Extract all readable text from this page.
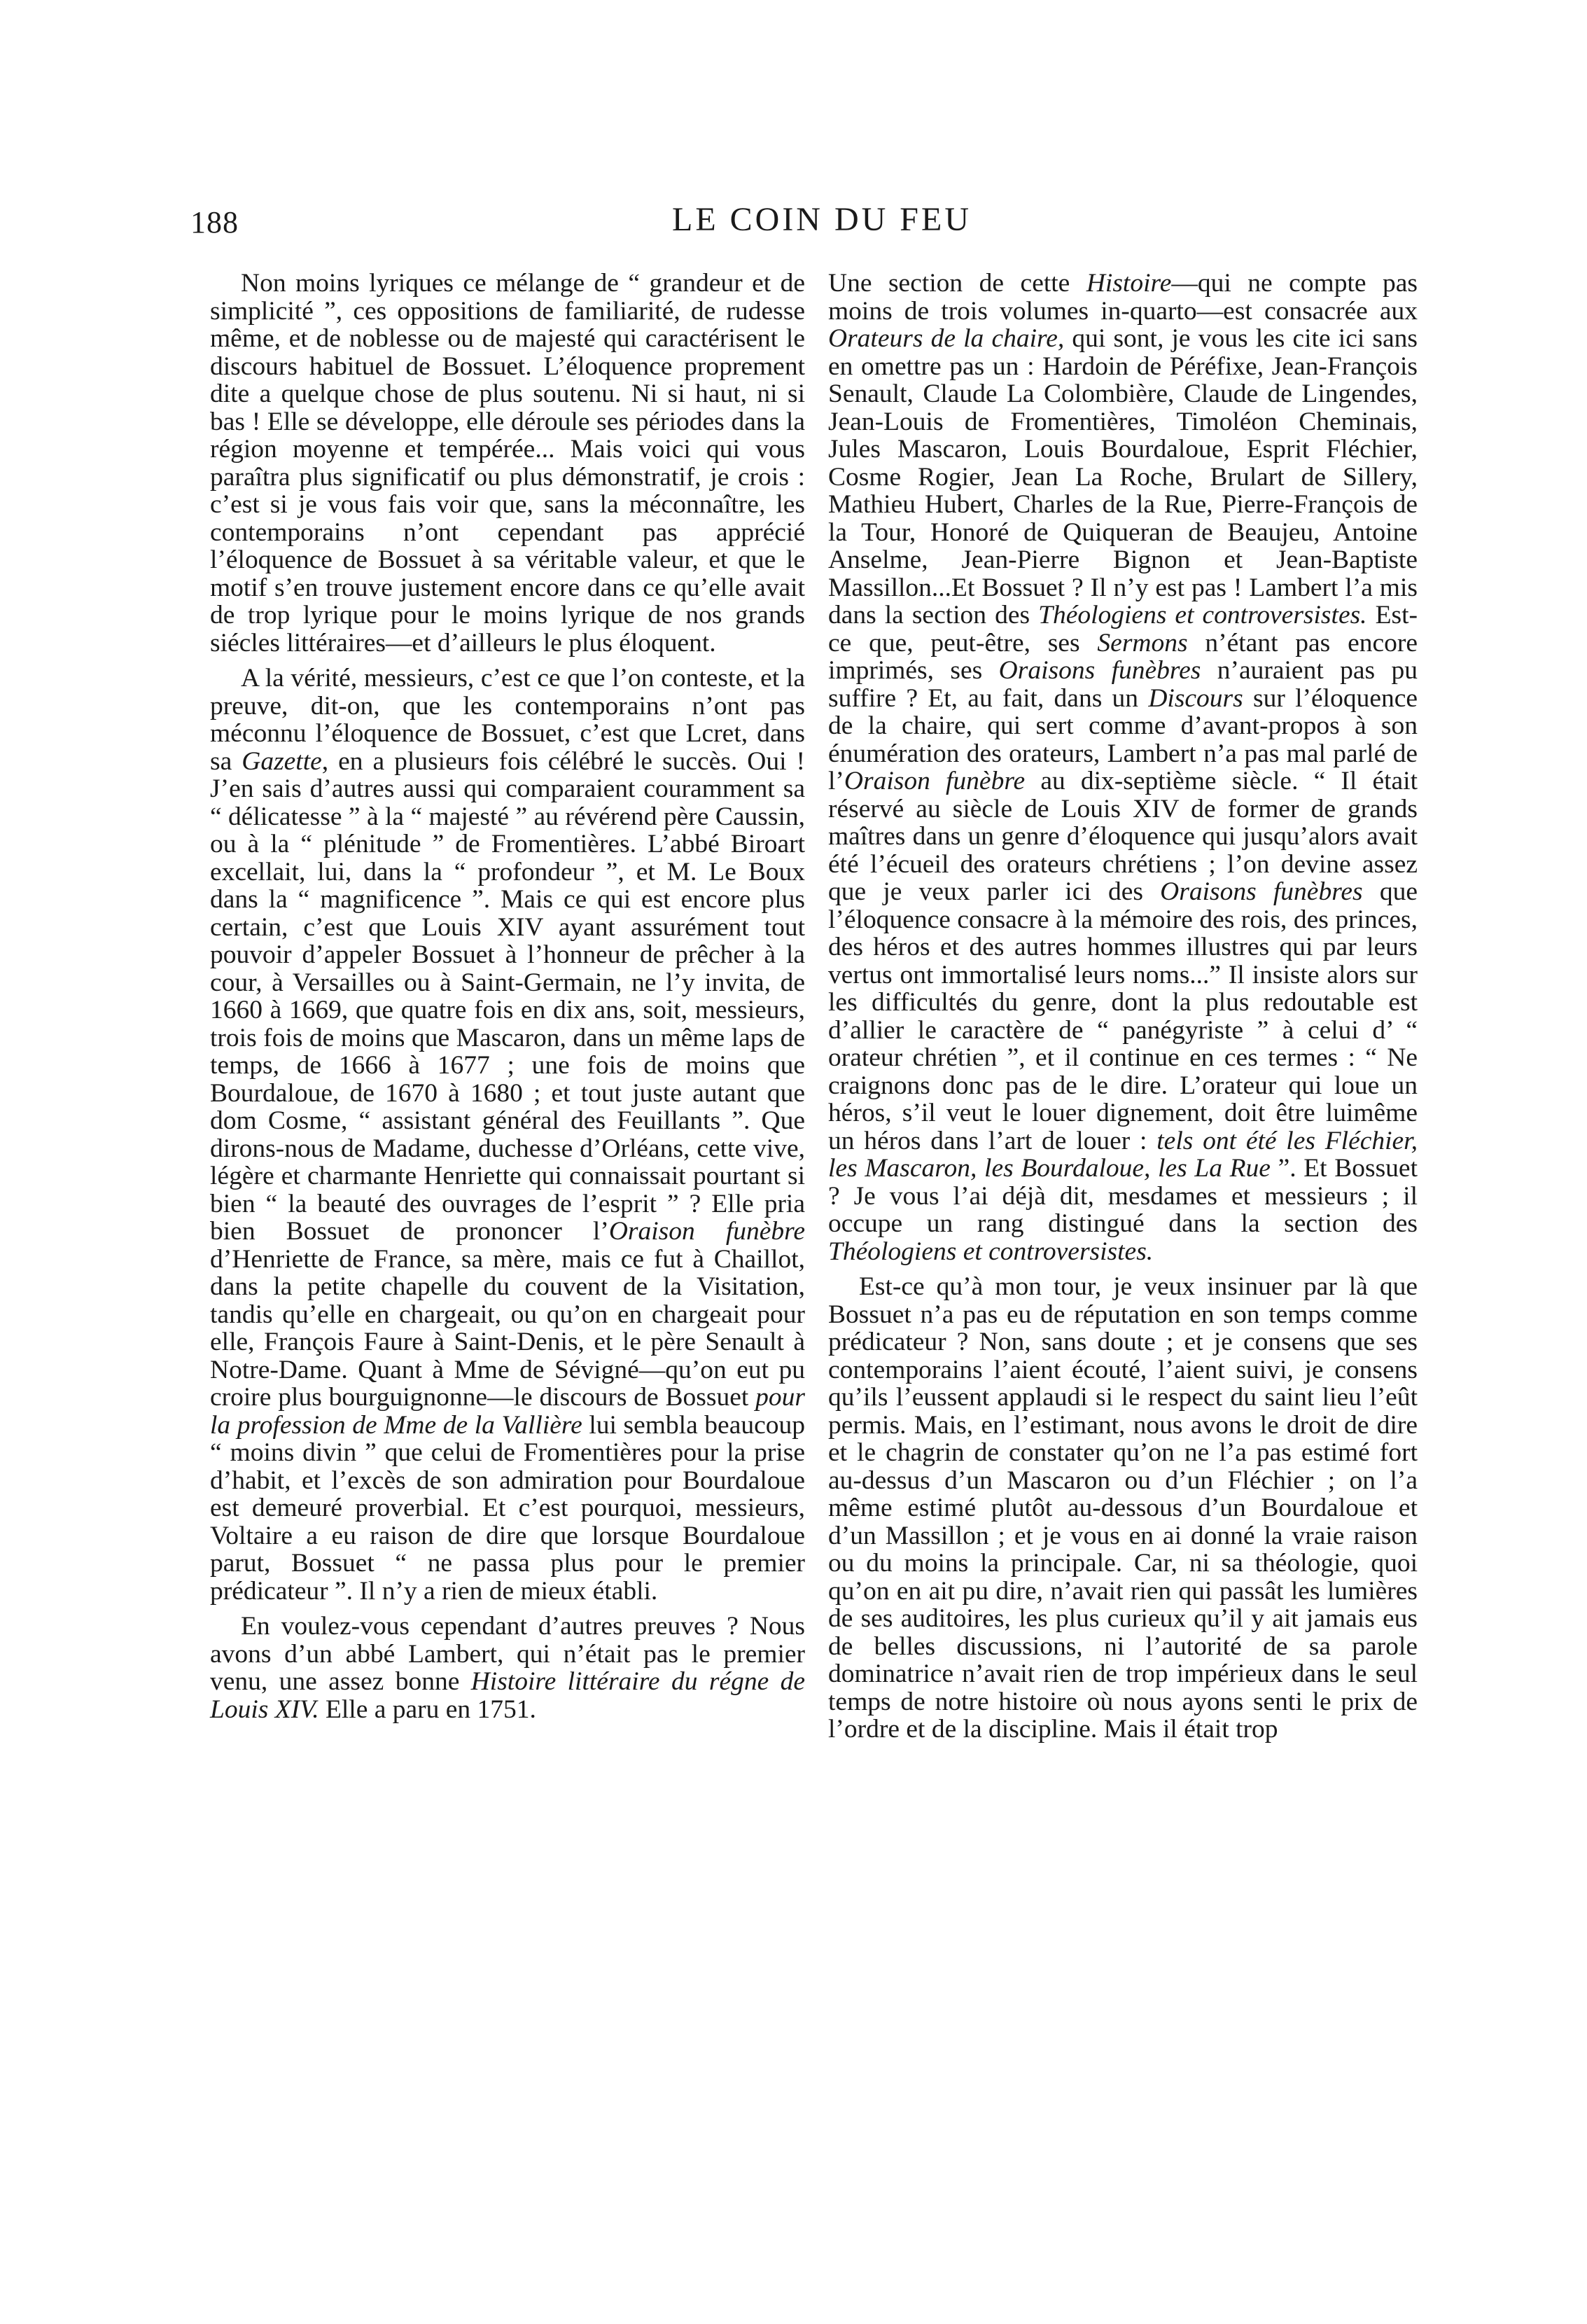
188	LE COIN DU FEU

Non moins lyriques ce mélange de “ grandeur et de simplicité ”, ces oppositions de familiarité, de rudesse même, et de noblesse ou de majesté qui caractérisent le discours habituel de Bossuet. L’éloquence proprement dite a quelque chose de plus soutenu. Ni si haut, ni si bas ! Elle se développe, elle déroule ses périodes dans la région moyenne et tempérée... Mais voici qui vous paraîtra plus significatif ou plus démonstratif, je crois : c’est si je vous fais voir que, sans la méconnaître, les contemporains n’ont cependant pas apprécié l’éloquence de Bossuet à sa véritable valeur, et que le motif s’en trouve justement encore dans ce qu’elle avait de trop lyrique pour le moins lyrique de nos grands siécles littéraires—et d’ailleurs le plus éloquent.

A la vérité, messieurs, c’est ce que l’on conteste, et la preuve, dit-on, que les contemporains n’ont pas méconnu l’éloquence de Bossuet, c’est que Lcret, dans sa Gazette, en a plusieurs fois célébré le succès. Oui ! J’en sais d’autres aussi qui comparaient couramment sa “ délicatesse ” à la “ majesté ” au révérend père Caussin, ou à la “ plénitude ” de Fromentières. L’abbé Biroart excellait, lui, dans la “ profondeur ”, et M. Le Boux dans la “ magnificence ”. Mais ce qui est encore plus certain, c’est que Louis XIV ayant assurément tout pouvoir d’appeler Bossuet à l’honneur de prêcher à la cour, à Versailles ou à Saint-Germain, ne l’y invita, de 1660 à 1669, que quatre fois en dix ans, soit, messieurs, trois fois de moins que Mascaron, dans un même laps de temps, de 1666 à 1677 ; une fois de moins que Bourdaloue, de 1670 à 1680 ; et tout juste autant que dom Cosme, “ assistant général des Feuillants ”. Que dirons-nous de Madame, duchesse d’Orléans, cette vive, légère et charmante Henriette qui connaissait pourtant si bien “ la beauté des ouvrages de l’esprit ” ? Elle pria bien Bossuet de prononcer l’Oraison funèbre d’Henriette de France, sa mère, mais ce fut à Chaillot, dans la petite chapelle du couvent de la Visitation, tandis qu’elle en chargeait, ou qu’on en chargeait pour elle, François Faure à Saint-Denis, et le père Senault à Notre-Dame. Quant à Mme de Sévigné—qu’on eut pu croire plus bourguignonne—le discours de Bossuet pour la profession de Mme de la Vallière lui sembla beaucoup “ moins divin ” que celui de Fromentières pour la prise d’habit, et l’excès de son admiration pour Bourdaloue est demeuré proverbial. Et c’est pourquoi, messieurs, Voltaire a eu raison de dire que lorsque Bourdaloue parut, Bossuet “ ne passa plus pour le premier prédicateur ”. Il n’y a rien de mieux établi.

En voulez-vous cependant d’autres preuves ? Nous avons d’un abbé Lambert, qui n’était pas le premier venu, une assez bonne Histoire littéraire du régne de Louis XIV. Elle a paru en 1751.

Une section de cette Histoire—qui ne compte pas moins de trois volumes in-quarto—est consacrée aux Orateurs de la chaire, qui sont, je vous les cite ici sans en omettre pas un : Hardoin de Péréfixe, Jean-François Senault, Claude La Colombière, Claude de Lingendes, Jean-Louis de Fromentières, Timoléon Cheminais, Jules Mascaron, Louis Bourdaloue, Esprit Fléchier, Cosme Rogier, Jean La Roche, Brulart de Sillery, Mathieu Hubert, Charles de la Rue, Pierre-François de la Tour, Honoré de Quiqueran de Beaujeu, Antoine Anselme, Jean-Pierre Bignon et Jean-Baptiste Massillon...Et Bossuet ? Il n’y est pas ! Lambert l’a mis dans la section des Théologiens et controversistes. Est-ce que, peut-être, ses Sermons n’étant pas encore imprimés, ses Oraisons funèbres n’auraient pas pu suffire ? Et, au fait, dans un Discours sur l’éloquence de la chaire, qui sert comme d’avant-propos à son énumération des orateurs, Lambert n’a pas mal parlé de l’Oraison funèbre au dix-septième siècle. “ Il était réservé au siècle de Louis XIV de former de grands maîtres dans un genre d’éloquence qui jusqu’alors avait été l’écueil des orateurs chrétiens ; l’on devine assez que je veux parler ici des Oraisons funèbres que l’éloquence consacre à la mémoire des rois, des princes, des héros et des autres hommes illustres qui par leurs vertus ont immortalisé leurs noms...” Il insiste alors sur les difficultés du genre, dont la plus redoutable est d’allier le caractère de “ panégyriste ” à celui d’ “ orateur chrétien ”, et il continue en ces termes : “ Ne craignons donc pas de le dire. L’orateur qui loue un héros, s’il veut le louer dignement, doit être luimême un héros dans l’art de louer : tels ont été les Fléchier, les Mascaron, les Bourdaloue, les La Rue ”. Et Bossuet ? Je vous l’ai déjà dit, mesdames et messieurs ; il occupe un rang distingué dans la section des Théologiens et controversistes.

Est-ce qu’à mon tour, je veux insinuer par là que Bossuet n’a pas eu de réputation en son temps comme prédicateur ? Non, sans doute ; et je consens que ses contemporains l’aient écouté, l’aient suivi, je consens qu’ils l’eussent applaudi si le respect du saint lieu l’eût permis. Mais, en l’estimant, nous avons le droit de dire et le chagrin de constater qu’on ne l’a pas estimé fort au-dessus d’un Mascaron ou d’un Fléchier ; on l’a même estimé plutôt au-dessous d’un Bourdaloue et d’un Massillon ; et je vous en ai donné la vraie raison ou du moins la principale. Car, ni sa théologie, quoi qu’on en ait pu dire, n’avait rien qui passât les lumières de ses auditoires, les plus curieux qu’il y ait jamais eus de belles discussions, ni l’autorité de sa parole dominatrice n’avait rien de trop impérieux dans le seul temps de notre histoire où nous ayons senti le prix de l’ordre et de la discipline. Mais il était trop
